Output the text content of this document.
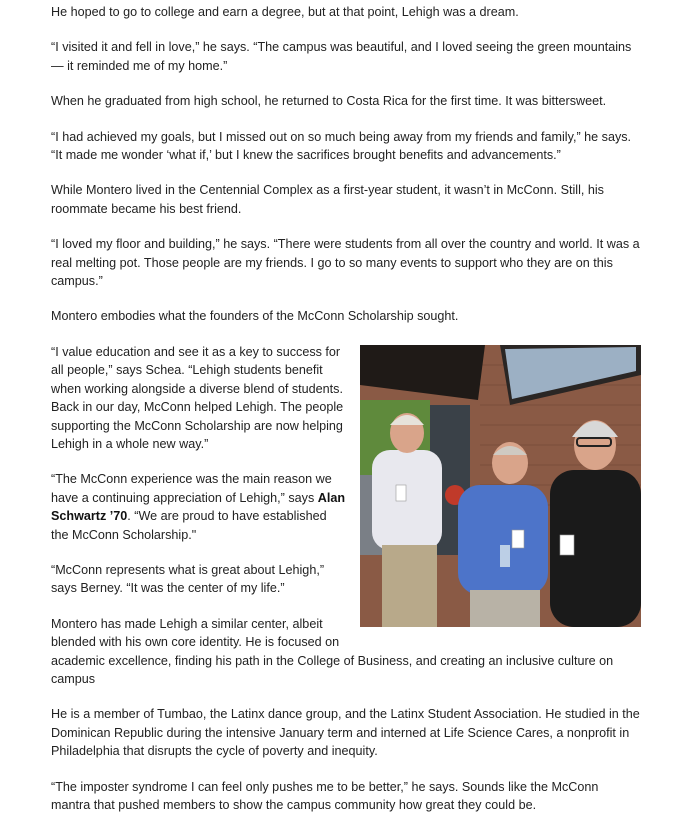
He hoped to go to college and earn a degree, but at that point, Lehigh was a dream.

“I visited it and fell in love,” he says. “The campus was beautiful, and I loved seeing the green mountains — it reminded me of my home.”

When he graduated from high school, he returned to Costa Rica for the first time. It was bittersweet.

“I had achieved my goals, but I missed out on so much being away from my friends and family,” he says. “It made me wonder ‘what if,’ but I knew the sacrifices brought benefits and advancements.”

While Montero lived in the Centennial Complex as a first-year student, it wasn’t in McConn. Still, his roommate became his best friend.

“I loved my floor and building,” he says. “There were students from all over the country and world. It was a real melting pot. Those people are my friends. I go to so many events to support who they are on this campus.”

Montero embodies what the founders of the McConn Scholarship sought.

“I value education and see it as a key to success for all people,” says Schea. “Lehigh students benefit when working alongside a diverse blend of students. Back in our day, McConn helped Lehigh. The people supporting the McConn Scholarship are now helping Lehigh in a whole new way.”

“The McConn experience was the main reason we have a continuing appreciation of Lehigh,” says Alan Schwartz ’70. “We are proud to have established the McConn Scholarship."

“McConn represents what is great about Lehigh,” says Berney. “It was the center of my life.”

Montero has made Lehigh a similar center, albeit blended with his own core identity. He is focused on academic excellence, finding his path in the College of Business, and creating an inclusive culture on campus

He is a member of Tumbao, the Latinx dance group, and the Latinx Student Association. He studied in the Dominican Republic during the intensive January term and interned at Life Science Cares, a nonprofit in Philadelphia that disrupts the cycle of poverty and inequity.

“The imposter syndrome I can feel only pushes me to be better,” he says. Sounds like the McConn mantra that pushed members to show the campus community how great they could be.
